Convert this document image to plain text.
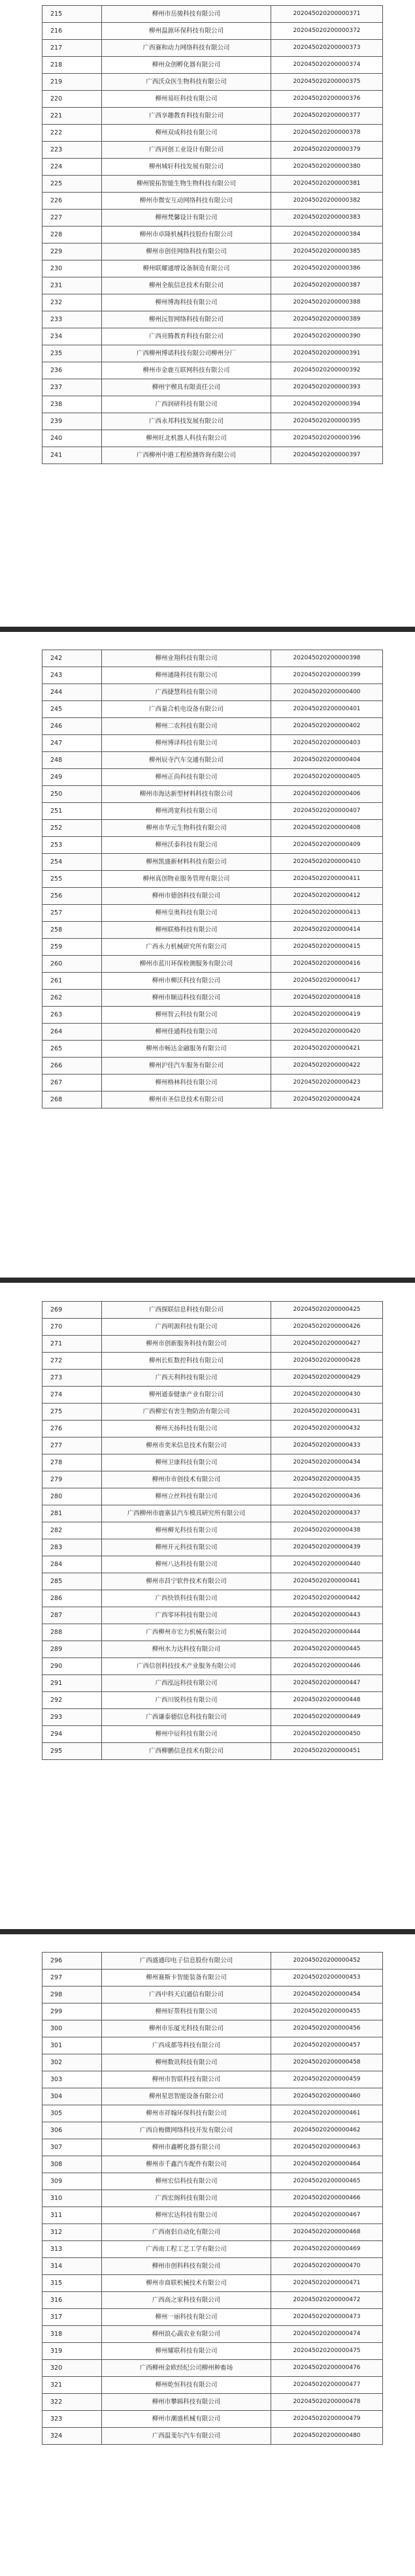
215	柳州市岳骏科技有限公司	202045020200000371
216	柳州温源环保科技有限公司	202045020200000372
217	广西赛和动力网络科技有限公司	202045020200000373
218	柳州众创孵化器有限公司	202045020200000374
219	广西沃众医生物科技有限公司	202045020200000375
220	柳州易旺科技有限公司	202045020200000376
221	广西享趣教育科技有限公司	202045020200000377
222	柳州双成科技有限公司	202045020200000378
223	广西河创工业设计有限公司	202045020200000379
224	柳州城轩科技发展有限公司	202045020200000380
225	柳州锐拓智能生物生物科技有限公司	202045020200000381
226	柳州市微安互动网络科技有限公司	202045020200000382
227	柳州梵馨设计有限公司	202045020200000383
228	柳州市卓隆机械科技股份有限公司	202045020200000384
229	柳州市创佳网络科技有限公司	202045020200000385
230	柳州联耀通增设备制造有限公司	202045020200000386
231	柳州全航信息技术有限公司	202045020200000387
232	柳州博海科技有限公司	202045020200000388
233	柳州沅智网络科技有限公司	202045020200000389
234	广西亮腾教育科技有限公司	202045020200000390
235	广西柳州博诺科技有限公司柳州分厂	202045020200000391
236	柳州市金鹿互联网科技有限公司	202045020200000392
237	柳州宇楔具有限责任公司	202045020200000393
238	广西润研科技有限公司	202045020200000394
239	广西永邦科技发展有限公司	202045020200000395
240	柳州旺北机器人科技有限公司	202045020200000396
241	广西柳州中港工程检测咨询有限公司	202045020200000397
242	柳州业翔科技有限公司	202045020200000398
243	柳州通隆科技有限公司	202045020200000399
244	广西捷慧科技有限公司	202045020200000400
245	广西量合机电设备有限公司	202045020200000401
246	柳州二农科技有限公司	202045020200000402
247	柳州博译科技有限公司	202045020200000403
248	柳州辰寺汽车交通有限公司	202045020200000404
249	柳州正尚科技有限公司	202045020200000405
250	柳州市海达新型材料科技有限公司	202045020200000406
251	柳州鸿宽科技有限公司	202045020200000407
252	柳州市华元生物科技有限公司	202045020200000408
253	柳州沃泰科技有限公司	202045020200000409
254	柳州凯盛新材料科技有限公司	202045020200000410
255	柳州真创物业服务管理有限公司	202045020200000411
256	柳州市德创科技有限公司	202045020200000412
257	柳州皇奥科技有限公司	202045020200000413
258	柳州联格科技有限公司	202045020200000414
259	广西永力机械研究所有限公司	202045020200000415
260	柳州市蓝川环保检测服务有限公司	202045020200000416
261	柳州市柳沃科技有限公司	202045020200000417
262	柳州市顺迈科技有限公司	202045020200000418
263	柳州智云科技有限公司	202045020200000419
264	柳州佳通科技有限公司	202045020200000420
265	柳州市畅达金融服务有限公司	202045020200000421
266	柳州沪佳汽车服务有限公司	202045020200000422
267	柳州格林科技有限公司	202045020200000423
268	柳州市圣信息技术有限公司	202045020200000424
269	广西探联信息科技有限公司	202045020200000425
270	广西明源科技有限公司	202045020200000426
271	柳州市创新服务科技有限公司	202045020200000427
272	柳州长虹数控科技有限公司	202045020200000428
273	广西天利科技有限公司	202045020200000429
274	柳州通泰健康产业有限公司	202045020200000430
275	广西柳宏有害生物防治有限公司	202045020200000431
276	柳州天扬科技有限公司	202045020200000432
277	柳州市奕米信息技术有限公司	202045020200000433
278	柳州卫康科技有限公司	202045020200000434
279	柳州市市创技术有限公司	202045020200000435
280	柳州立丝科技有限公司	202045020200000436
281	广西柳州市鹿寨县汽车模具研究所有限公司	202045020200000437
282	柳州柳光科技有限公司	202045020200000438
283	柳州开元科技有限公司	202045020200000439
284	柳州八达科技有限公司	202045020200000440
285	柳州市昌宁软件技术有限公司	202045020200000441
286	广西快铁科技有限公司	202045020200000442
287	广西零环科技有限公司	202045020200000443
288	广西柳州市宏力机械有限公司	202045020200000444
289	柳州水力达科技有限公司	202045020200000445
290	广西信创科技技术产业服务有限公司	202045020200000446
291	广西泓远科技有限公司	202045020200000447
292	广西川锐科技有限公司	202045020200000448
293	广西谦泰德信息科技有限公司	202045020200000449
294	柳州中辰科技有限公司	202045020200000450
295	广西柳鹏信息技术有限公司	202045020200000451
296	广西盛通印电子信息股份有限公司	202045020200000452
297	柳州赛斯卡智能装备有限公司	202045020200000453
298	广西中科天启通信有限公司	202045020200000454
299	柳州好帮科技有限公司	202045020200000455
300	柳州市乐厦光科技有限公司	202045020200000456
301	广西成都等科技有限公司	202045020200000457
302	柳州数讯科技有限公司	202045020200000458
303	柳州市智联科技有限公司	202045020200000459
304	柳州星思智能设备有限公司	202045020200000460
305	柳州市祥翰环保科技有限公司	202045020200000461
306	广西自梅微网络科技开发有限公司	202045020200000462
307	柳州市鑫孵化器有限公司	202045020200000463
308	柳州市千鑫汽车配件有限公司	202045020200000464
309	柳州宏信科技有限公司	202045020200000465
310	广西宏阁科技有限公司	202045020200000466
311	柳州宏达科技有限公司	202045020200000467
312	广西南侣自动化有限公司	202045020200000468
313	广西南工程工艺工学有限公司	202045020200000469
314	柳州市创科科技有限公司	202045020200000470
315	柳州市商联机械技术有限公司	202045020200000471
316	广西高之家科技有限公司	202045020200000472
317	柳州一丽科技有限公司	202045020200000473
318	柳州浪心蔬农业有限公司	202045020200000474
319	柳州耀联科技有限公司	202045020200000475
320	广西柳州金欧经纪公司柳州种畜场	202045020200000476
321	柳州乾恒科技有限公司	202045020200000477
322	柳州市攀辑科技有限公司	202045020200000478
323	柳州市潮盛机械有限公司	202045020200000479
324	广西温斐尔汽车有限公司	202045020200000480
